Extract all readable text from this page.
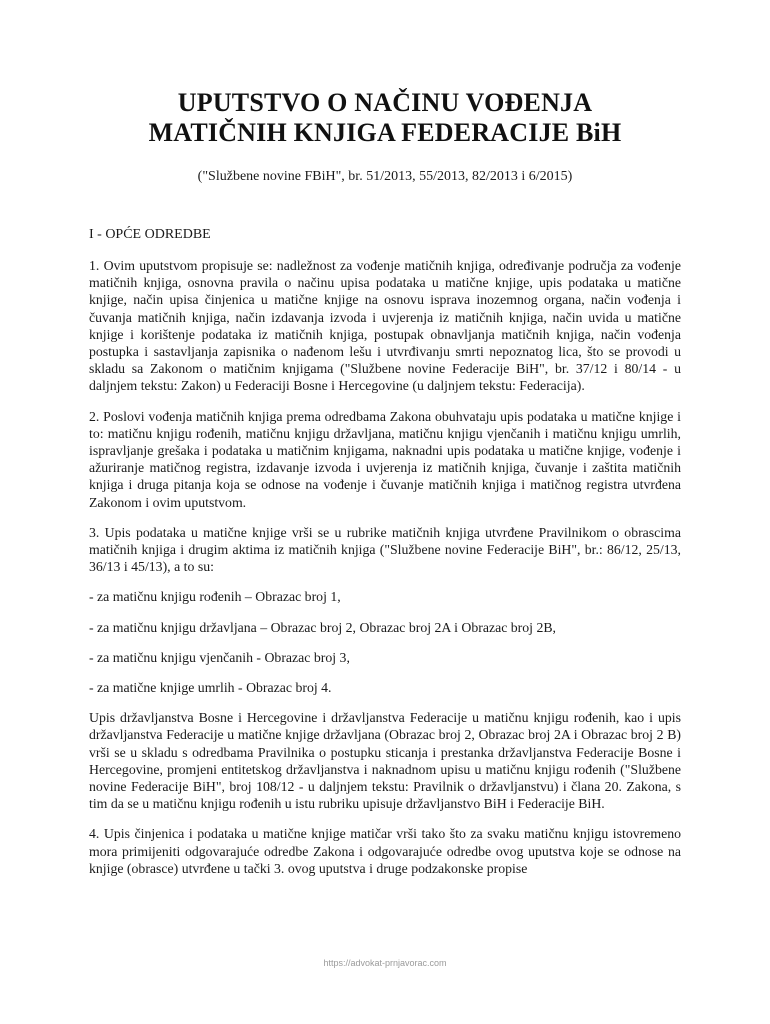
UPUTSTVO O NAČINU VOĐENJA
MATIČNIH KNJIGA FEDERACIJE BiH
("Službene novine FBiH", br. 51/2013, 55/2013, 82/2013 i 6/2015)
I - OPĆE ODREDBE

1. Ovim uputstvom propisuje se: nadležnost za vođenje matičnih knjiga, određivanje područja za vođenje matičnih knjiga, osnovna pravila o načinu upisa podataka u matične knjige, upis podataka u matične knjige, način upisa činjenica u matične knjige na osnovu isprava inozemnog organa, način vođenja i čuvanja matičnih knjiga, način izdavanja izvoda i uvjerenja iz matičnih knjiga, način uvida u matične knjige i korištenje podataka iz matičnih knjiga, postupak obnavljanja matičnih knjiga, način vođenja postupka i sastavljanja zapisnika o nađenom lešu i utvrđivanju smrti nepoznatog lica, što se provodi u skladu sa Zakonom o matičnim knjigama ("Službene novine Federacije BiH", br. 37/12 i 80/14 - u daljnjem tekstu: Zakon) u Federaciji Bosne i Hercegovine (u daljnjem tekstu: Federacija).

2. Poslovi vođenja matičnih knjiga prema odredbama Zakona obuhvataju upis podataka u matične knjige i to: matičnu knjigu rođenih, matičnu knjigu državljana, matičnu knjigu vjenčanih i matičnu knjigu umrlih, ispravljanje grešaka i podataka u matičnim knjigama, naknadni upis podataka u matične knjige, vođenje i ažuriranje matičnog registra, izdavanje izvoda i uvjerenja iz matičnih knjiga, čuvanje i zaštita matičnih knjiga i druga pitanja koja se odnose na vođenje i čuvanje matičnih knjiga i matičnog registra utvrđena Zakonom i ovim uputstvom.

3. Upis podataka u matične knjige vrši se u rubrike matičnih knjiga utvrđene Pravilnikom o obrascima matičnih knjiga i drugim aktima iz matičnih knjiga ("Službene novine Federacije BiH", br.: 86/12, 25/13, 36/13 i 45/13), a to su:

- za matičnu knjigu rođenih – Obrazac broj 1,

- za matičnu knjigu državljana – Obrazac broj 2, Obrazac broj 2A i Obrazac broj 2B,

- za matičnu knjigu vjenčanih - Obrazac broj 3,

- za matične knjige umrlih - Obrazac broj 4.

Upis državljanstva Bosne i Hercegovine i državljanstva Federacije u matičnu knjigu rođenih, kao i upis državljanstva Federacije u matične knjige državljana (Obrazac broj 2, Obrazac broj 2A i Obrazac broj 2 B) vrši se u skladu s odredbama Pravilnika o postupku sticanja i prestanka državljanstva Federacije Bosne i Hercegovine, promjeni entitetskog državljanstva i naknadnom upisu u matičnu knjigu rođenih ("Službene novine Federacije BiH", broj 108/12 - u daljnjem tekstu: Pravilnik o državljanstvu) i člana 20. Zakona, s tim da se u matičnu knjigu rođenih u istu rubriku upisuje državljanstvo BiH i Federacije BiH.

4. Upis činjenica i podataka u matične knjige matičar vrši tako što za svaku matičnu knjigu istovremeno mora primijeniti odgovarajuće odredbe Zakona i odgovarajuće odredbe ovog uputstva koje se odnose na knjige (obrasce) utvrđene u tački 3. ovog uputstva i druge podzakonske propise

https://advokat-prnjavorac.com
